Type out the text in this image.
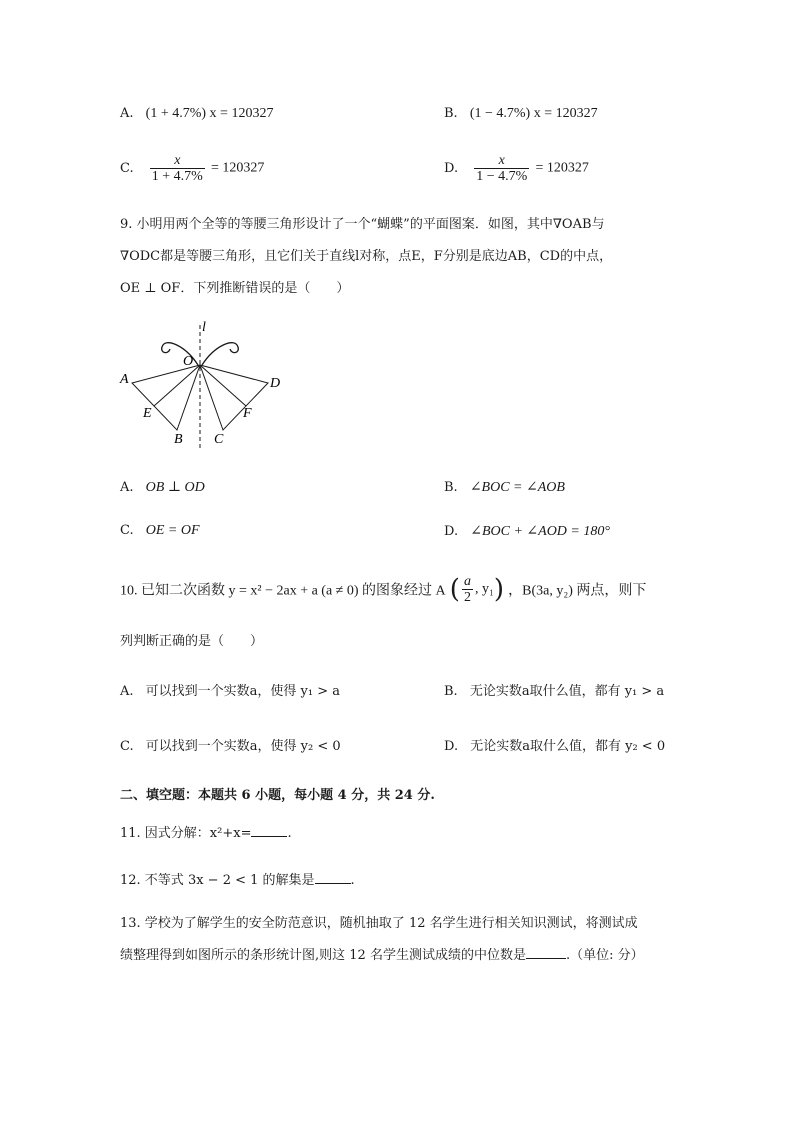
A. (1 + 4.7%) x = 120327	B. (1 − 4.7%) x = 120327
C. $\frac{x}{1 + 4.7\%} = 120327$	D. $\frac{x}{1 - 4.7\%} = 120327$
9. 小明用两个全等的等腰三角形设计了一个“蝴蝶”的平面图案．如图，其中∇OAB与
∇ODC都是等腰三角形，且它们关于直线l对称，点E，F分别是底边AB，CD的中点，
OE ⊥ OF．下列推断错误的是（　　）
l
O
A	D
E	F
B C
A. OB ⊥ OD	B. ∠BOC = ∠AOB
C. OE = OF	D. ∠BOC + ∠AOD = 180°
10. 已知二次函数 y = x² − 2ax + a (a ≠ 0) 的图象经过 A ( $\frac{a}{2}$ , y₁) ，B(3a, y₂) 两点，则下
列判断正确的是（　　）
A. 可以找到一个实数a，使得 y₁ > a	B. 无论实数a取什么值，都有 y₁ > a
C. 可以找到一个实数a，使得 y₂ < 0	D. 无论实数a取什么值，都有 y₂ < 0
二、填空题：本题共 6 小题，每小题 4 分，共 24 分.
11. 因式分解：x²+x=	.
12. 不等式 3x − 2 < 1 的解集是	.
13. 学校为了解学生的安全防范意识，随机抽取了 12 名学生进行相关知识测试，将测试成
绩整理得到如图所示的条形统计图,则这 12 名学生测试成绩的中位数是	.（单位: 分）
